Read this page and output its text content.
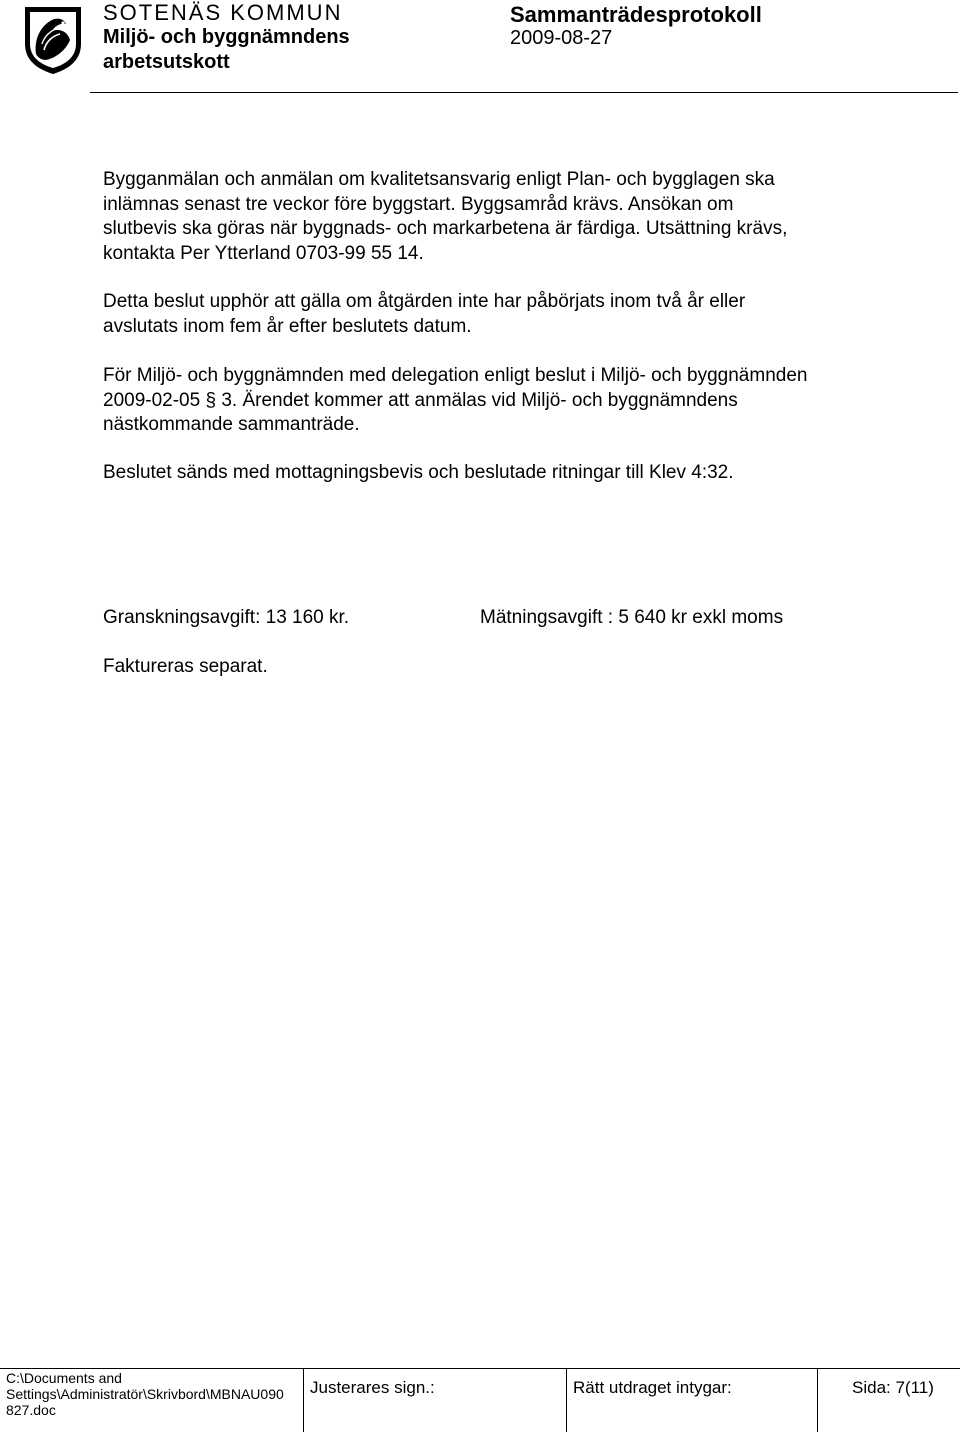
SOTENÄS KOMMUN
Miljö- och byggnämndens
arbetsutskott
Sammanträdesprotokoll
2009-08-27
Bygganmälan och anmälan om kvalitetsansvarig enligt Plan- och bygglagen ska
inlämnas senast tre veckor före byggstart. Byggsamråd krävs. Ansökan om
slutbevis ska göras när byggnads- och markarbetena är färdiga. Utsättning krävs,
kontakta Per Ytterland 0703-99 55 14.
Detta beslut upphör att gälla om åtgärden inte har påbörjats inom två år eller
avslutats inom fem år efter beslutets datum.
För Miljö- och byggnämnden med delegation enligt beslut i Miljö- och byggnämnden
2009-02-05 § 3. Ärendet kommer att anmälas vid Miljö- och byggnämndens
nästkommande sammanträde.
Beslutet sänds med mottagningsbevis och beslutade ritningar till Klev 4:32.
Granskningsavgift: 13 160 kr.	Mätningsavgift : 5 640 kr exkl moms
Faktureras separat.
C:\Documents and
Settings\Administratör\Skrivbord\MBNAU090
827.doc
Justerares sign.:	Rätt utdraget intygar:	Sida: 7(11)
